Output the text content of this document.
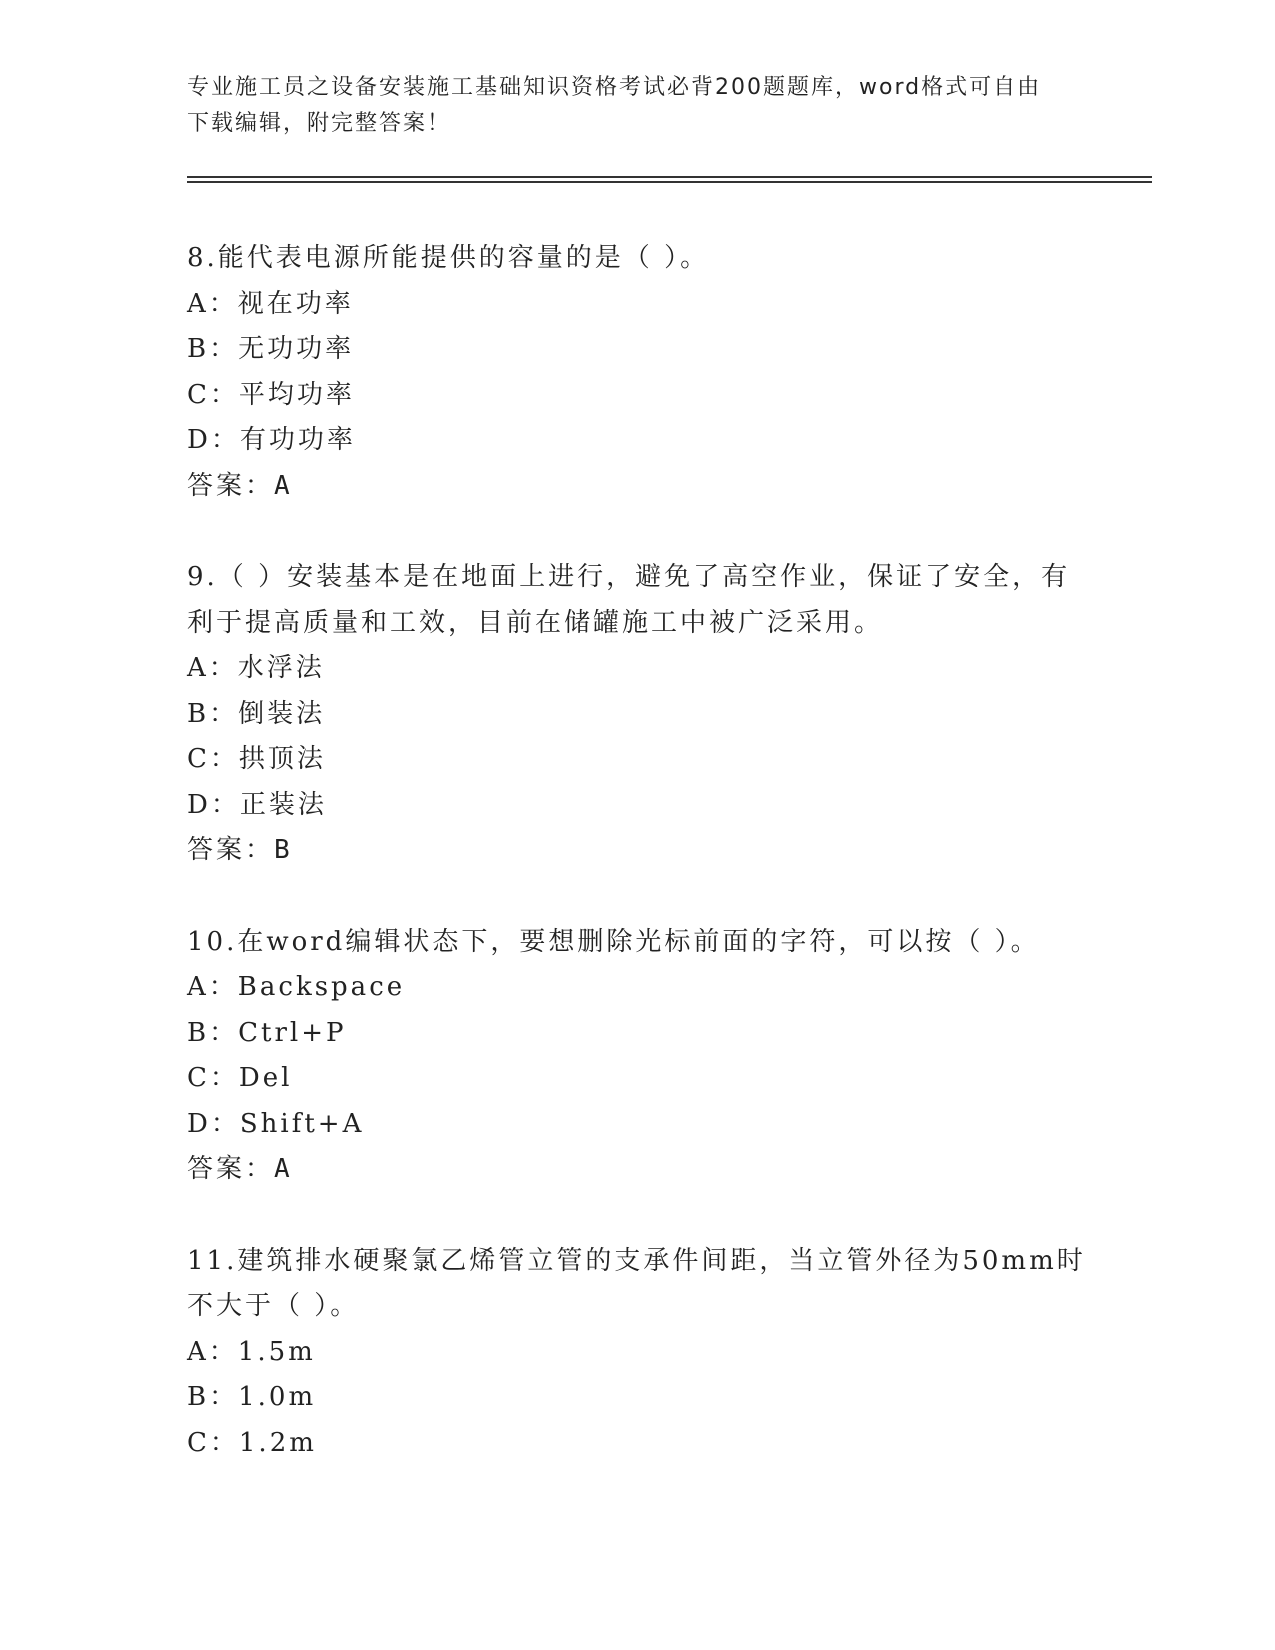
专业施工员之设备安装施工基础知识资格考试必背200题题库，word格式可自由
下载编辑，附完整答案！
8.能代表电源所能提供的容量的是（ ）。
A：视在功率
B：无功功率
C：平均功率
D：有功功率
答案：A
9.（ ）安装基本是在地面上进行，避免了高空作业，保证了安全，有
利于提高质量和工效，目前在储罐施工中被广泛采用。
A：水浮法
B：倒装法
C：拱顶法
D：正装法
答案：B
10.在word编辑状态下，要想删除光标前面的字符，可以按（ ）。
A：Backspace
B：Ctrl+P
C：Del
D：Shift+A
答案：A
11.建筑排水硬聚氯乙烯管立管的支承件间距，当立管外径为50mm时
不大于（ ）。
A：1.5m
B：1.0m
C：1.2m
